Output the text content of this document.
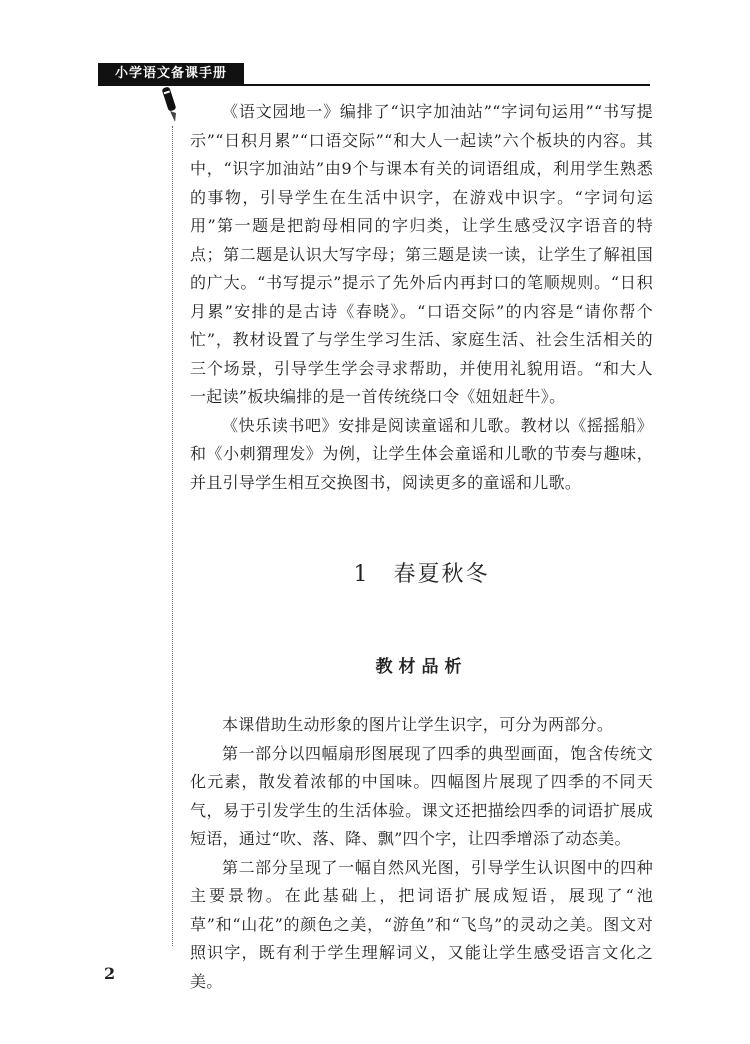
小学语文备课手册

《语文园地一》编排了“识字加油站”“字词句运用”“书写提示”“日积月累”“口语交际”“和大人一起读”六个板块的内容。其中，“识字加油站”由9个与课本有关的词语组成，利用学生熟悉的事物，引导学生在生活中识字，在游戏中识字。“字词句运用”第一题是把韵母相同的字归类，让学生感受汉字语音的特点；第二题是认识大写字母；第三题是读一读，让学生了解祖国的广大。“书写提示”提示了先外后内再封口的笔顺规则。“日积月累”安排的是古诗《春晓》。“口语交际”的内容是“请你帮个忙”，教材设置了与学生学习生活、家庭生活、社会生活相关的三个场景，引导学生学会寻求帮助，并使用礼貌用语。“和大人一起读”板块编排的是一首传统绕口令《妞妞赶牛》。

《快乐读书吧》安排是阅读童谣和儿歌。教材以《摇摇船》和《小刺猬理发》为例，让学生体会童谣和儿歌的节奏与趣味，并且引导学生相互交换图书，阅读更多的童谣和儿歌。

1　春夏秋冬
教材品析

本课借助生动形象的图片让学生识字，可分为两部分。

第一部分以四幅扇形图展现了四季的典型画面，饱含传统文化元素，散发着浓郁的中国味。四幅图片展现了四季的不同天气，易于引发学生的生活体验。课文还把描绘四季的词语扩展成短语，通过“吹、落、降、飘”四个字，让四季增添了动态美。

第二部分呈现了一幅自然风光图，引导学生认识图中的四种主要景物。在此基础上，把词语扩展成短语，展现了“池草”和“山花”的颜色之美，“游鱼”和“飞鸟”的灵动之美。图文对照识字，既有利于学生理解词义，又能让学生感受语言文化之美。

2
